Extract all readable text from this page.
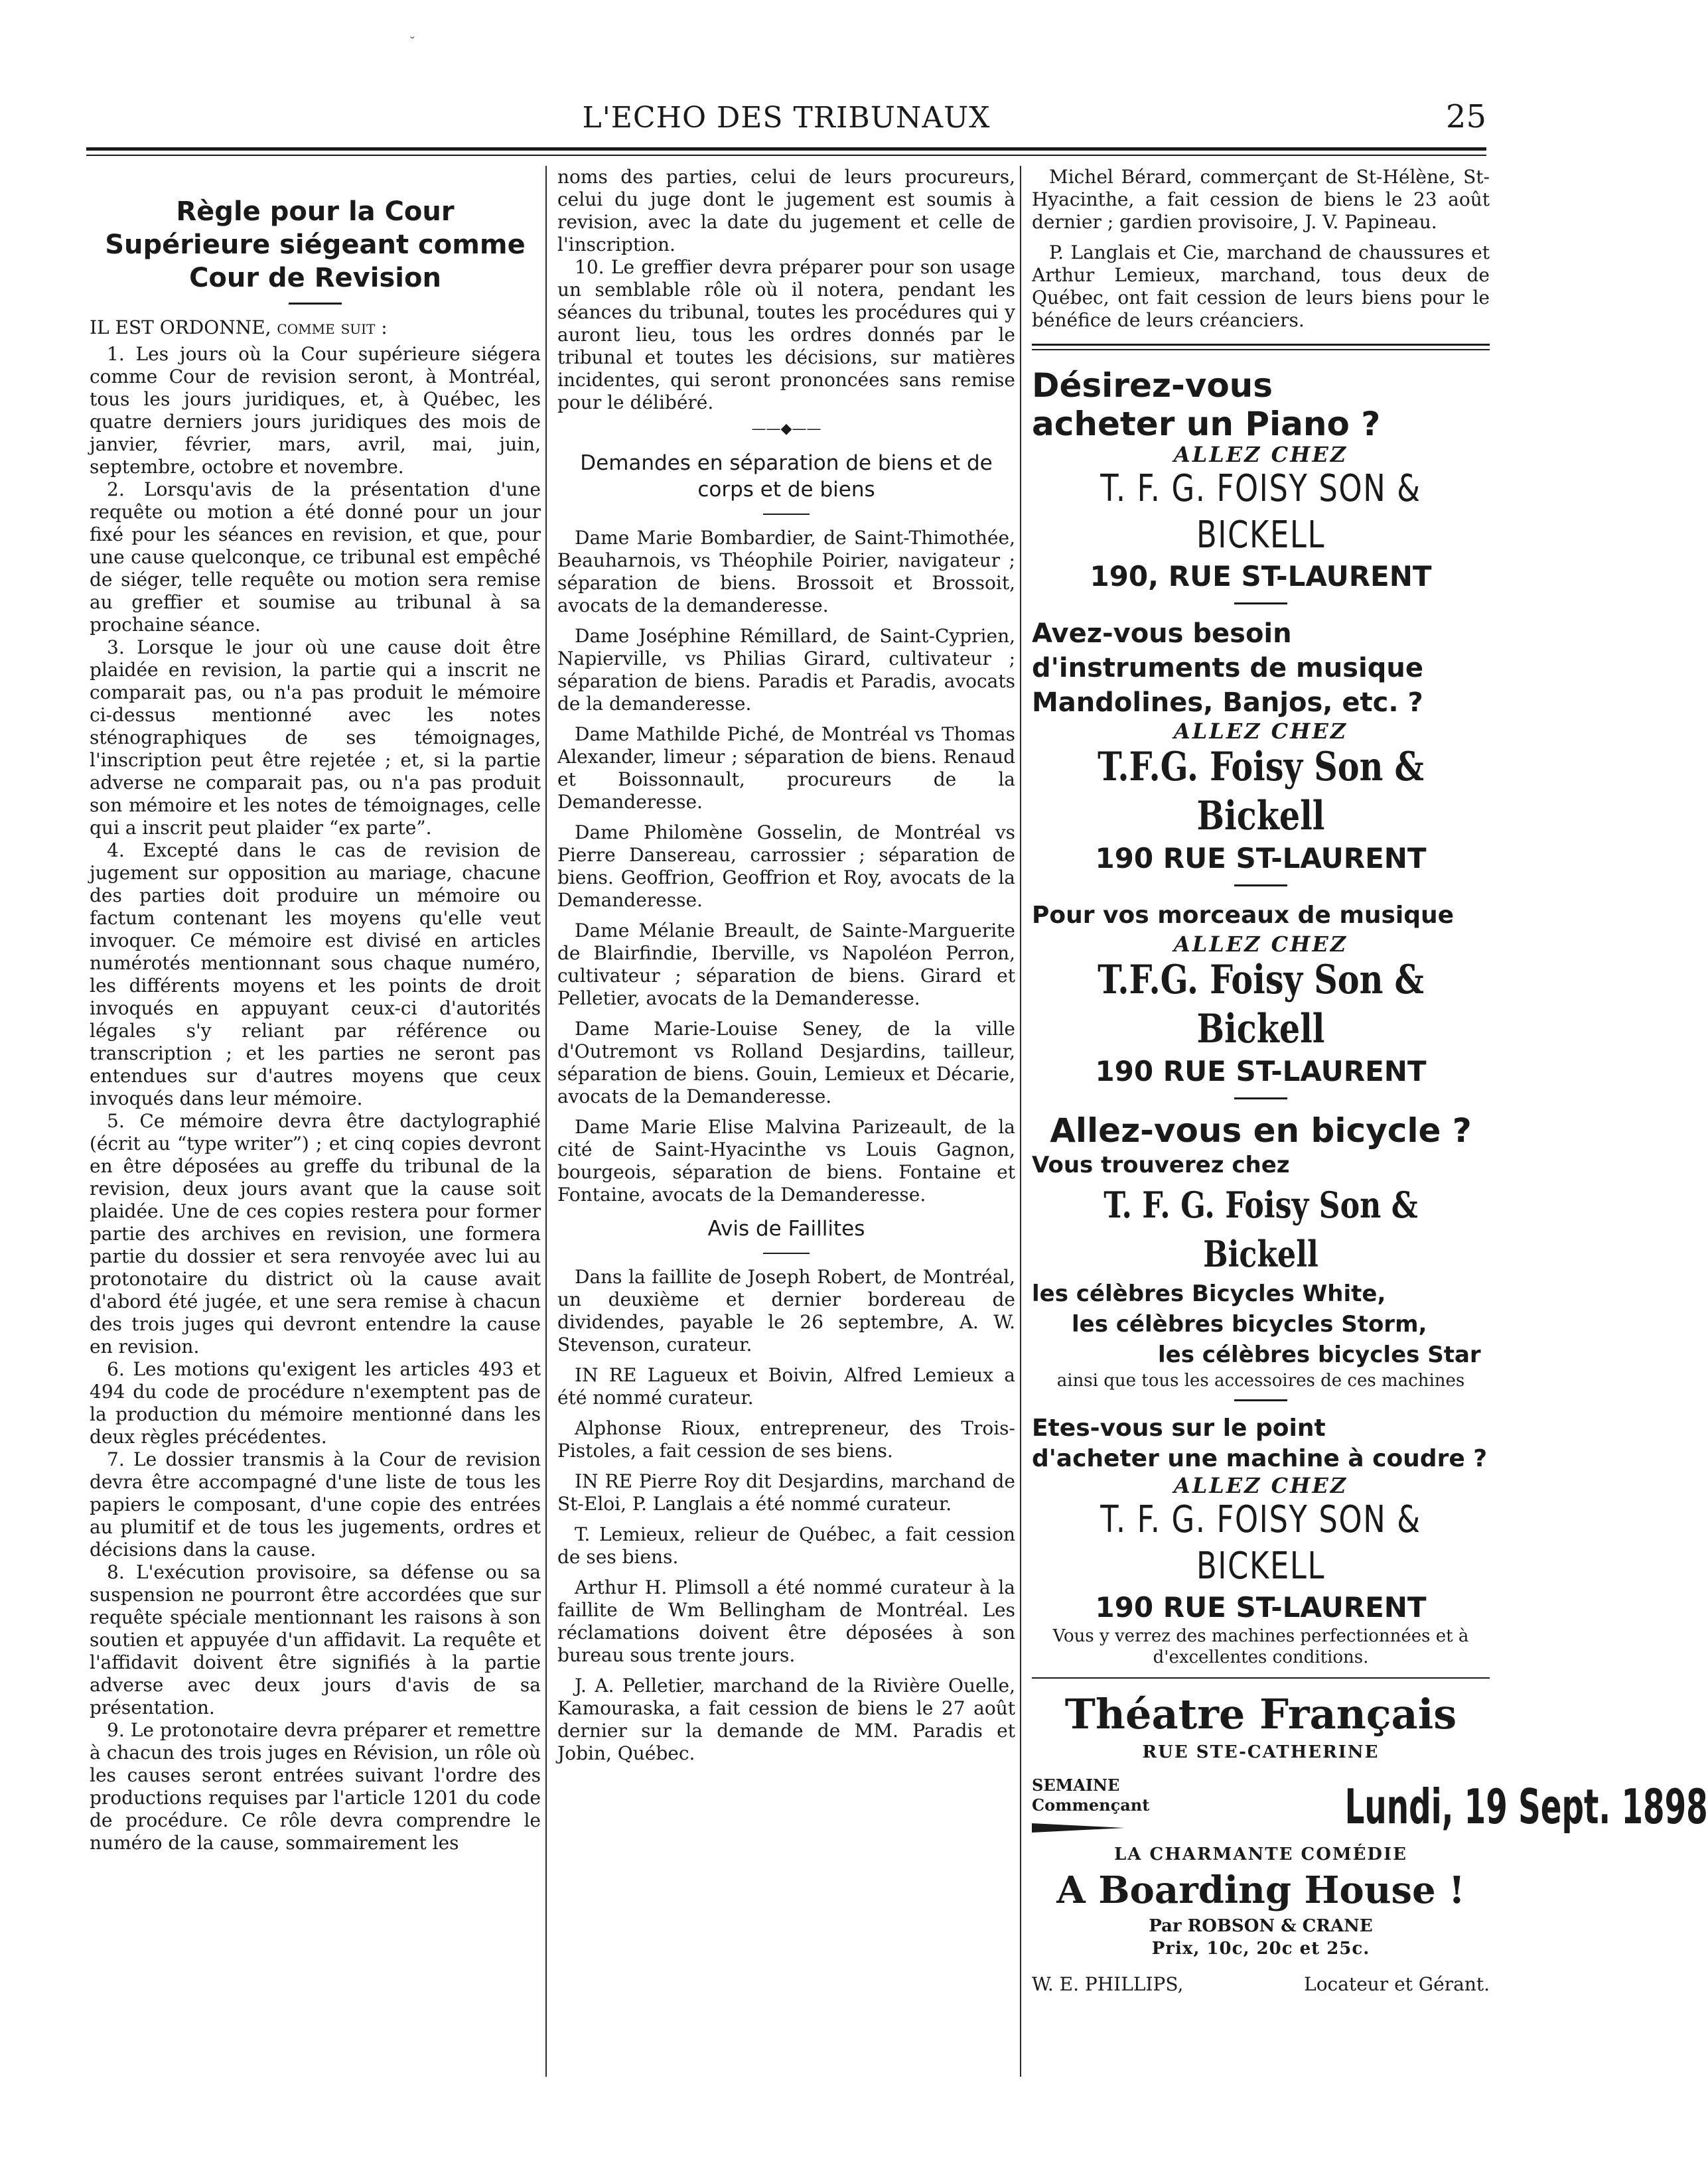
ˇ
L'ECHO DES TRIBUNAUX	25
Règle pour la Cour Supérieure siégeant comme Cour de Revision

IL EST ORDONNE, comme suit :

1. Les jours où la Cour supérieure siégera comme Cour de revision seront, à Montréal, tous les jours juridiques, et, à Québec, les quatre derniers jours juridiques des mois de janvier, février, mars, avril, mai, juin, septembre, octobre et novembre.

2. Lorsqu'avis de la présentation d'une requête ou motion a été donné pour un jour fixé pour les séances en revision, et que, pour une cause quelconque, ce tribunal est empêché de siéger, telle requête ou motion sera remise au greffier et soumise au tribunal à sa prochaine séance.

3. Lorsque le jour où une cause doit être plaidée en revision, la partie qui a inscrit ne comparait pas, ou n'a pas produit le mémoire ci-dessus mentionné avec les notes sténographiques de ses témoignages, l'inscription peut être rejetée ; et, si la partie adverse ne comparait pas, ou n'a pas produit son mémoire et les notes de témoignages, celle qui a inscrit peut plaider “ex parte”.

4. Excepté dans le cas de revision de jugement sur opposition au mariage, chacune des parties doit produire un mémoire ou factum contenant les moyens qu'elle veut invoquer. Ce mémoire est divisé en articles numérotés mentionnant sous chaque numéro, les différents moyens et les points de droit invoqués en appuyant ceux-ci d'autorités légales s'y reliant par référence ou transcription ; et les parties ne seront pas entendues sur d'autres moyens que ceux invoqués dans leur mémoire.

5. Ce mémoire devra être dactylographié (écrit au “type writer”) ; et cinq copies devront en être déposées au greffe du tribunal de la revision, deux jours avant que la cause soit plaidée. Une de ces copies restera pour former partie des archives en revision, une formera partie du dossier et sera renvoyée avec lui au protonotaire du district où la cause avait d'abord été jugée, et une sera remise à chacun des trois juges qui devront entendre la cause en revision.

6. Les motions qu'exigent les articles 493 et 494 du code de procédure n'exemptent pas de la production du mémoire mentionné dans les deux règles précédentes.

7. Le dossier transmis à la Cour de revision devra être accompagné d'une liste de tous les papiers le composant, d'une copie des entrées au plumitif et de tous les jugements, ordres et décisions dans la cause.

8. L'exécution provisoire, sa défense ou sa suspension ne pourront être accordées que sur requête spéciale mentionnant les raisons à son soutien et appuyée d'un affidavit. La requête et l'affidavit doivent être signifiés à la partie adverse avec deux jours d'avis de sa présentation.

9. Le protonotaire devra préparer et remettre à chacun des trois juges en Révision, un rôle où les causes seront entrées suivant l'ordre des productions requises par l'article 1201 du code de procédure. Ce rôle devra comprendre le numéro de la cause, sommairement les

noms des parties, celui de leurs procureurs, celui du juge dont le jugement est soumis à revision, avec la date du jugement et celle de l'inscription.

10. Le greffier devra préparer pour son usage un semblable rôle où il notera, pendant les séances du tribunal, toutes les procédures qui y auront lieu, tous les ordres donnés par le tribunal et toutes les décisions, sur matières incidentes, qui seront prononcées sans remise pour le délibéré.

——◆——
Demandes en séparation de biens et de corps et de biens

Dame Marie Bombardier, de Saint-Thimothée, Beauharnois, vs Théophile Poirier, navigateur ; séparation de biens. Brossoit et Brossoit, avocats de la demanderesse.

Dame Joséphine Rémillard, de Saint-Cyprien, Napierville, vs Philias Girard, cultivateur ; séparation de biens. Paradis et Paradis, avocats de la demanderesse.

Dame Mathilde Piché, de Montréal vs Thomas Alexander, limeur ; séparation de biens. Renaud et Boissonnault, procureurs de la Demanderesse.

Dame Philomène Gosselin, de Montréal vs Pierre Dansereau, carrossier ; séparation de biens. Geoffrion, Geoffrion et Roy, avocats de la Demanderesse.

Dame Mélanie Breault, de Sainte-Marguerite de Blairfindie, Iberville, vs Napoléon Perron, cultivateur ; séparation de biens. Girard et Pelletier, avocats de la Demanderesse.

Dame Marie-Louise Seney, de la ville d'Outremont vs Rolland Desjardins, tailleur, séparation de biens. Gouin, Lemieux et Décarie, avocats de la Demanderesse.

Dame Marie Elise Malvina Parizeault, de la cité de Saint-Hyacinthe vs Louis Gagnon, bourgeois, séparation de biens. Fontaine et Fontaine, avocats de la Demanderesse.

Avis de Faillites

Dans la faillite de Joseph Robert, de Montréal, un deuxième et dernier bordereau de dividendes, payable le 26 septembre, A. W. Stevenson, curateur.

IN RE Lagueux et Boivin, Alfred Lemieux a été nommé curateur.

Alphonse Rioux, entrepreneur, des Trois-Pistoles, a fait cession de ses biens.

IN RE Pierre Roy dit Desjardins, marchand de St-Eloi, P. Langlais a été nommé curateur.

T. Lemieux, relieur de Québec, a fait cession de ses biens.

Arthur H. Plimsoll a été nommé curateur à la faillite de Wm Bellingham de Montréal. Les réclamations doivent être déposées à son bureau sous trente jours.

J. A. Pelletier, marchand de la Rivière Ouelle, Kamouraska, a fait cession de biens le 27 août dernier sur la demande de MM. Paradis et Jobin, Québec.

Michel Bérard, commerçant de St-Hélène, St-Hyacinthe, a fait cession de biens le 23 août dernier ; gardien provisoire, J. V. Papineau.

P. Langlais et Cie, marchand de chaussures et Arthur Lemieux, marchand, tous deux de Québec, ont fait cession de leurs biens pour le bénéfice de leurs créanciers.

Désirez-vous
acheter un Piano ?
ALLEZ CHEZ
T. F. G. FOISY SON & BICKELL
190, RUE ST-LAURENT
Avez-vous besoin
d'instruments de musique
Mandolines, Banjos, etc. ?
ALLEZ CHEZ
T.F.G. Foisy Son & Bickell
190 RUE ST-LAURENT
Pour vos morceaux de musique
ALLEZ CHEZ
T.F.G. Foisy Son & Bickell
190 RUE ST-LAURENT
Allez-vous en bicycle ?
Vous trouverez chez
T. F. G. Foisy Son & Bickell
les célèbres Bicycles White,
les célèbres bicycles Storm,
les célèbres bicycles Star
ainsi que tous les accessoires de ces machines
Etes-vous sur le point
d'acheter une machine à coudre ?
ALLEZ CHEZ
T. F. G. FOISY SON & BICKELL
190 RUE ST-LAURENT
Vous y verrez des machines perfectionnées et à d'excellentes conditions.
Théatre Français
RUE STE-CATHERINE
SEMAINE
Commençant	Lundi, 19 Sept. 1898
LA CHARMANTE COMÉDIE
A Boarding House !
Par ROBSON & CRANE
Prix, 10c, 20c et 25c.
W. E. PHILLIPS,	Locateur et Gérant.
